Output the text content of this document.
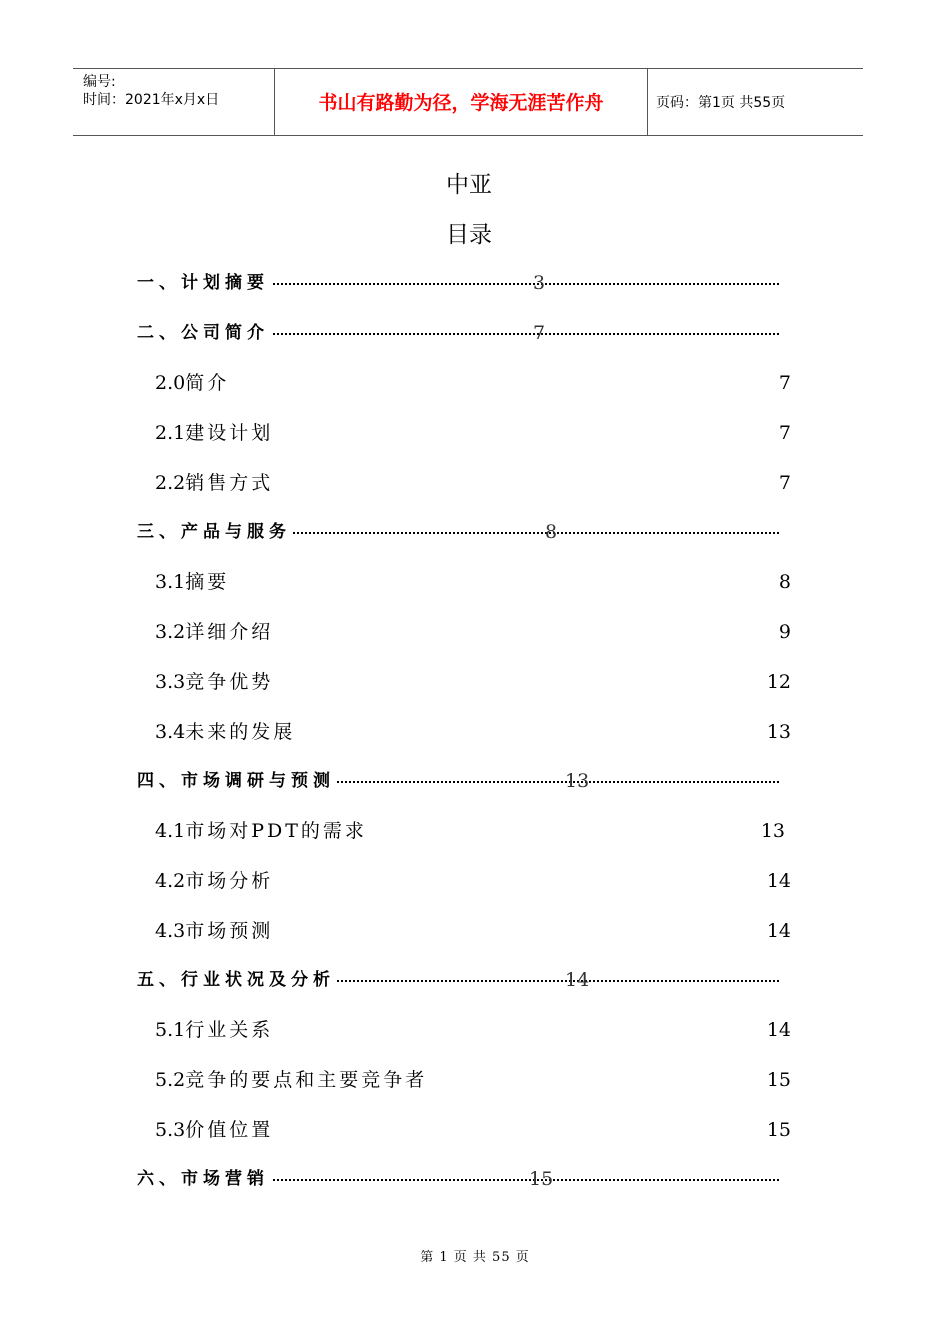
编号:
时间：2021年x月x日	书山有路勤为径，学海无涯苦作舟	页码：第1页 共55页
中亚
目录
一、计划摘要	3
二、公司简介	7
2.0简介	7
2.1建设计划	7
2.2销售方式	7
三、产品与服务	8
3.1摘要	8
3.2详细介绍	9
3.3竞争优势	12
3.4未来的发展	13
四、市场调研与预测	13
4.1市场对PDT的需求	13
4.2市场分析	14
4.3市场预测	14
五、行业状况及分析	14
5.1行业关系	14
5.2竞争的要点和主要竞争者	15
5.3价值位置	15
六、市场营销	15
第 1 页 共 55 页
